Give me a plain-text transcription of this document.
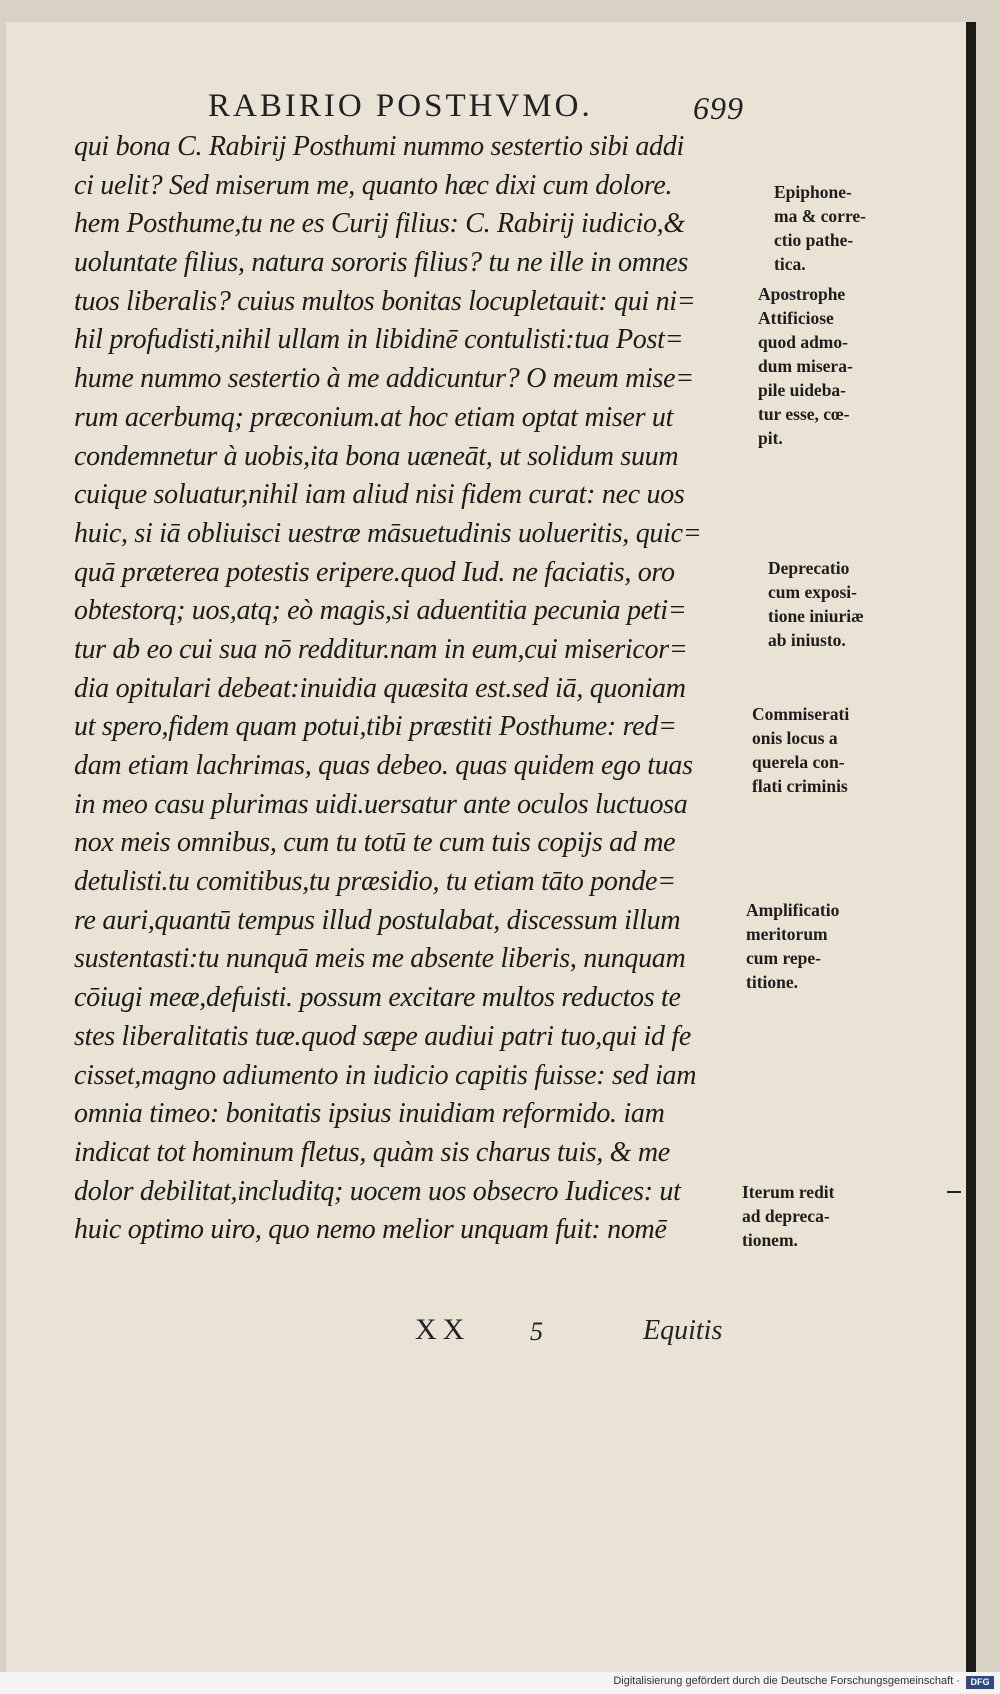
RABIRIO POSTHVMO.	699
qui bona C. Rabirij Posthumi nummo sestertio sibi addi
ci uelit? Sed miserum me, quanto hæc dixi cum dolore.
hem Posthume,tu ne es Curij filius: C. Rabirij iudicio,&
uoluntate filius, natura sororis filius? tu ne ille in omnes
tuos liberalis? cuius multos bonitas locupletauit: qui ni=
hil profudisti,nihil ullam in libidinē contulisti:tua Post=
hume nummo sestertio à me addicuntur? O meum mise=
rum acerbumq; præconium.at hoc etiam optat miser ut
condemnetur à uobis,ita bona uæneāt, ut solidum suum
cuique soluatur,nihil iam aliud nisi fidem curat: nec uos
huic, si iā obliuisci uestræ māsuetudinis uolueritis, quic=
quā præterea potestis eripere.quod Iud. ne faciatis, oro
obtestorq; uos,atq; eò magis,si aduentitia pecunia peti=
tur ab eo cui sua nō redditur.nam in eum,cui misericor=
dia opitulari debeat:inuidia quæsita est.sed iā, quoniam
ut spero,fidem quam potui,tibi præstiti Posthume: red=
dam etiam lachrimas, quas debeo. quas quidem ego tuas
in meo casu plurimas uidi.uersatur ante oculos luctuosa
nox meis omnibus, cum tu totū te cum tuis copijs ad me
detulisti.tu comitibus,tu præsidio, tu etiam tāto ponde=
re auri,quantū tempus illud postulabat, discessum illum
sustentasti:tu nunquā meis me absente liberis, nunquam
cōiugi meæ,defuisti. possum excitare multos reductos te
stes liberalitatis tuæ.quod sæpe audiui patri tuo,qui id fe
cisset,magno adiumento in iudicio capitis fuisse: sed iam
omnia timeo: bonitatis ipsius inuidiam reformido. iam
indicat tot hominum fletus, quàm sis charus tuis, & me
dolor debilitat,includitq; uocem uos obsecro Iudices: ut
huic optimo uiro, quo nemo melior unquam fuit: nomē
Epiphone-
ma & corre-
ctio pathe-
tica.
Apostrophe
Attificiose
quod admo-
dum misera-
pile uideba-
tur esse, cœ-
pit.
Deprecatio
cum exposi-
tione iniuriæ
ab iniusto.
Commiserati
onis locus a
querela con-
flati criminis
Amplificatio
meritorum
cum repe-
titione.
Iterum redit
ad depreca-
tionem.
XX 5	Equitis
Digitalisierung gefördert durch die Deutsche Forschungsgemeinschaft ·	DFG
